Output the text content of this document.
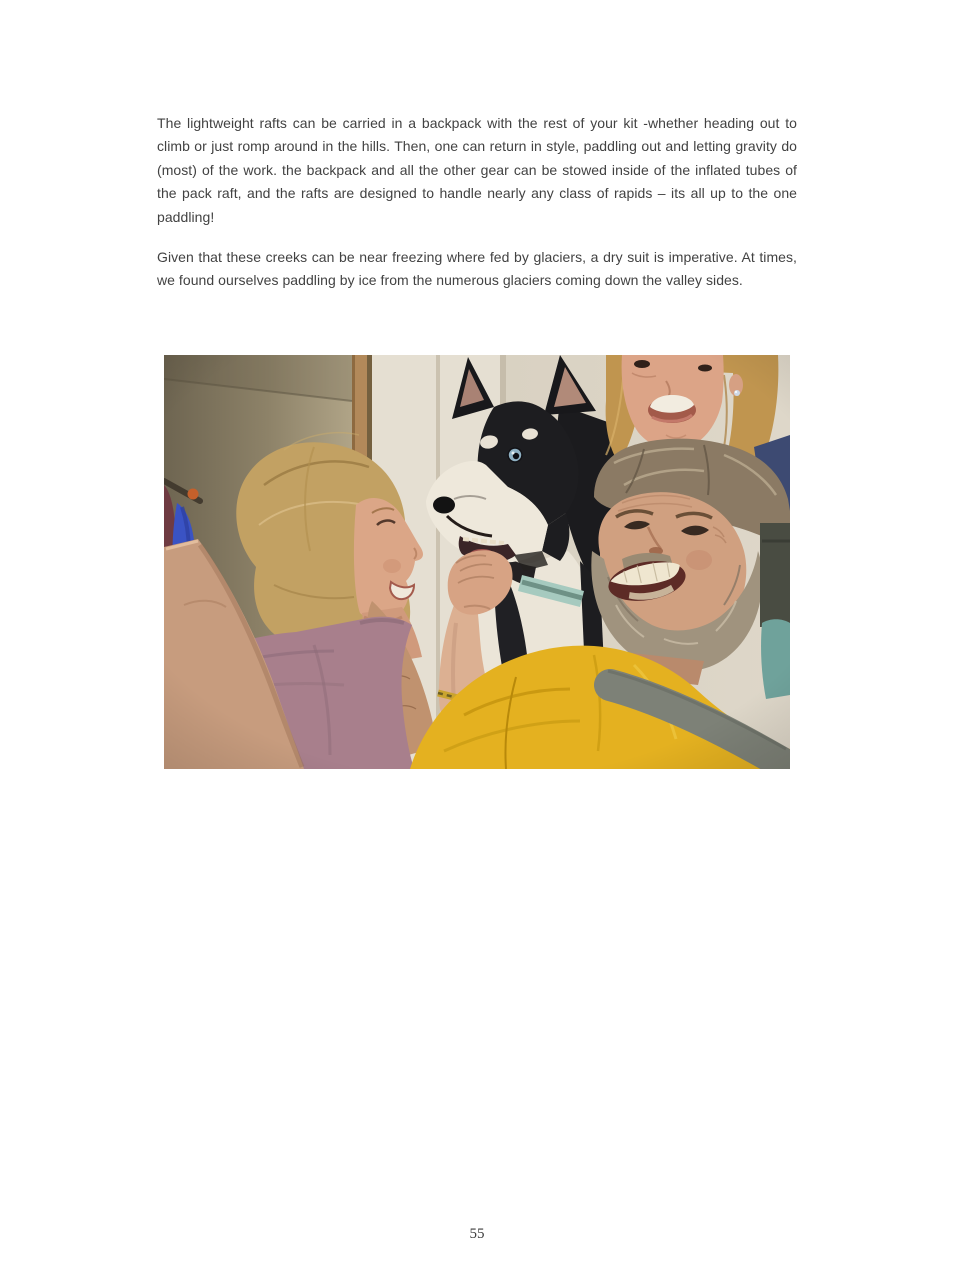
The lightweight rafts can be carried in a backpack with the rest of your kit -whether heading out to climb or just romp around in the hills. Then, one can return in style, paddling out and letting gravity do (most) of the work. the backpack and all the other gear can be stowed inside of the inflated tubes of the pack raft, and the rafts are designed to handle nearly any class of rapids – its all up to the one paddling!

Given that these creeks can be near freezing where fed by glaciers, a dry suit is imperative. At times, we found ourselves paddling by ice from the numerous glaciers coming down the valley sides.

55
